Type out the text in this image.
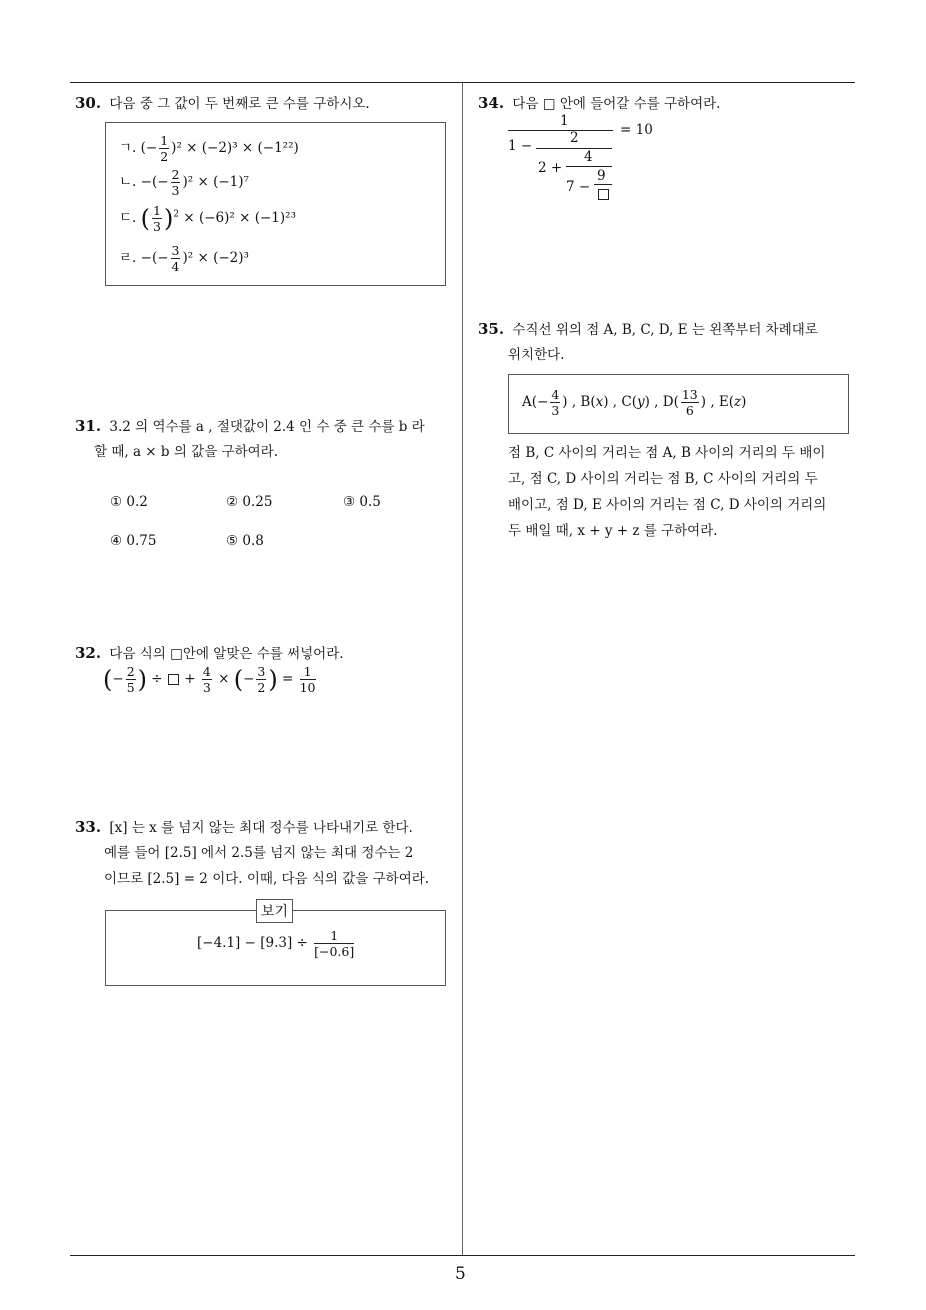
5
30. 다음 중 그 값이 두 번째로 큰 수를 구하시오.
ㄱ. (− $\frac{1}{2} )^2 \times (-2)^3 \times (-1^{22})$
ㄴ. −(− $\frac{2}{3} )^2 \times (-1)^7$
ㄷ. ( $\frac{1}{3} )^2 \times (-6)^2 \times (-1)^{23}$
ㄹ. −(− $\frac{3}{4} )^2 \times (-2)^3$
31. 3.2 의 역수를 a , 절댓값이 2.4 인 수 중 큰 수를 b 라
할 때, a × b 의 값을 구하여라.
① 0.2	② 0.25	③ 0.5
④ 0.75	⑤ 0.8
32. 다음 식의 □안에 알맞은 수를 써넣어라.
(− $\frac{2}{5}$ ) ÷  + $\frac{4}{3}$ × (− $\frac{3}{2}$ ) = $\frac{1}{10}$
33. [x] 는 x 를 넘지 않는 최대 정수를 나타내기로 한다.
예를 들어 [2.5] 에서 2.5를 넘지 않는 최대 정수는 2
이므로 [2.5] = 2 이다. 이때, 다음 식의 값을 구하여라.
보기
$[-4.1] - [9.3] \div \frac{1}{[-0.6]}$
34. 다음 □ 안에 들어갈 수를 구하여라.
1
1 −	2
2 +
4
7 −
9
= 10
35. 수직선 위의 점 A, B, C, D, E 는 왼쪽부터 차례대로
위치한다.
$A(- \frac{4}{3}$ ) , B(x) , C(y) , $D( \frac{13}{6}$ ) , E(z)
점 B, C 사이의 거리는 점 A, B 사이의 거리의 두 배이
고, 점 C, D 사이의 거리는 점 B, C 사이의 거리의 두
배이고, 점 D, E 사이의 거리는 점 C, D 사이의 거리의
두 배일 때, x + y + z 를 구하여라.
